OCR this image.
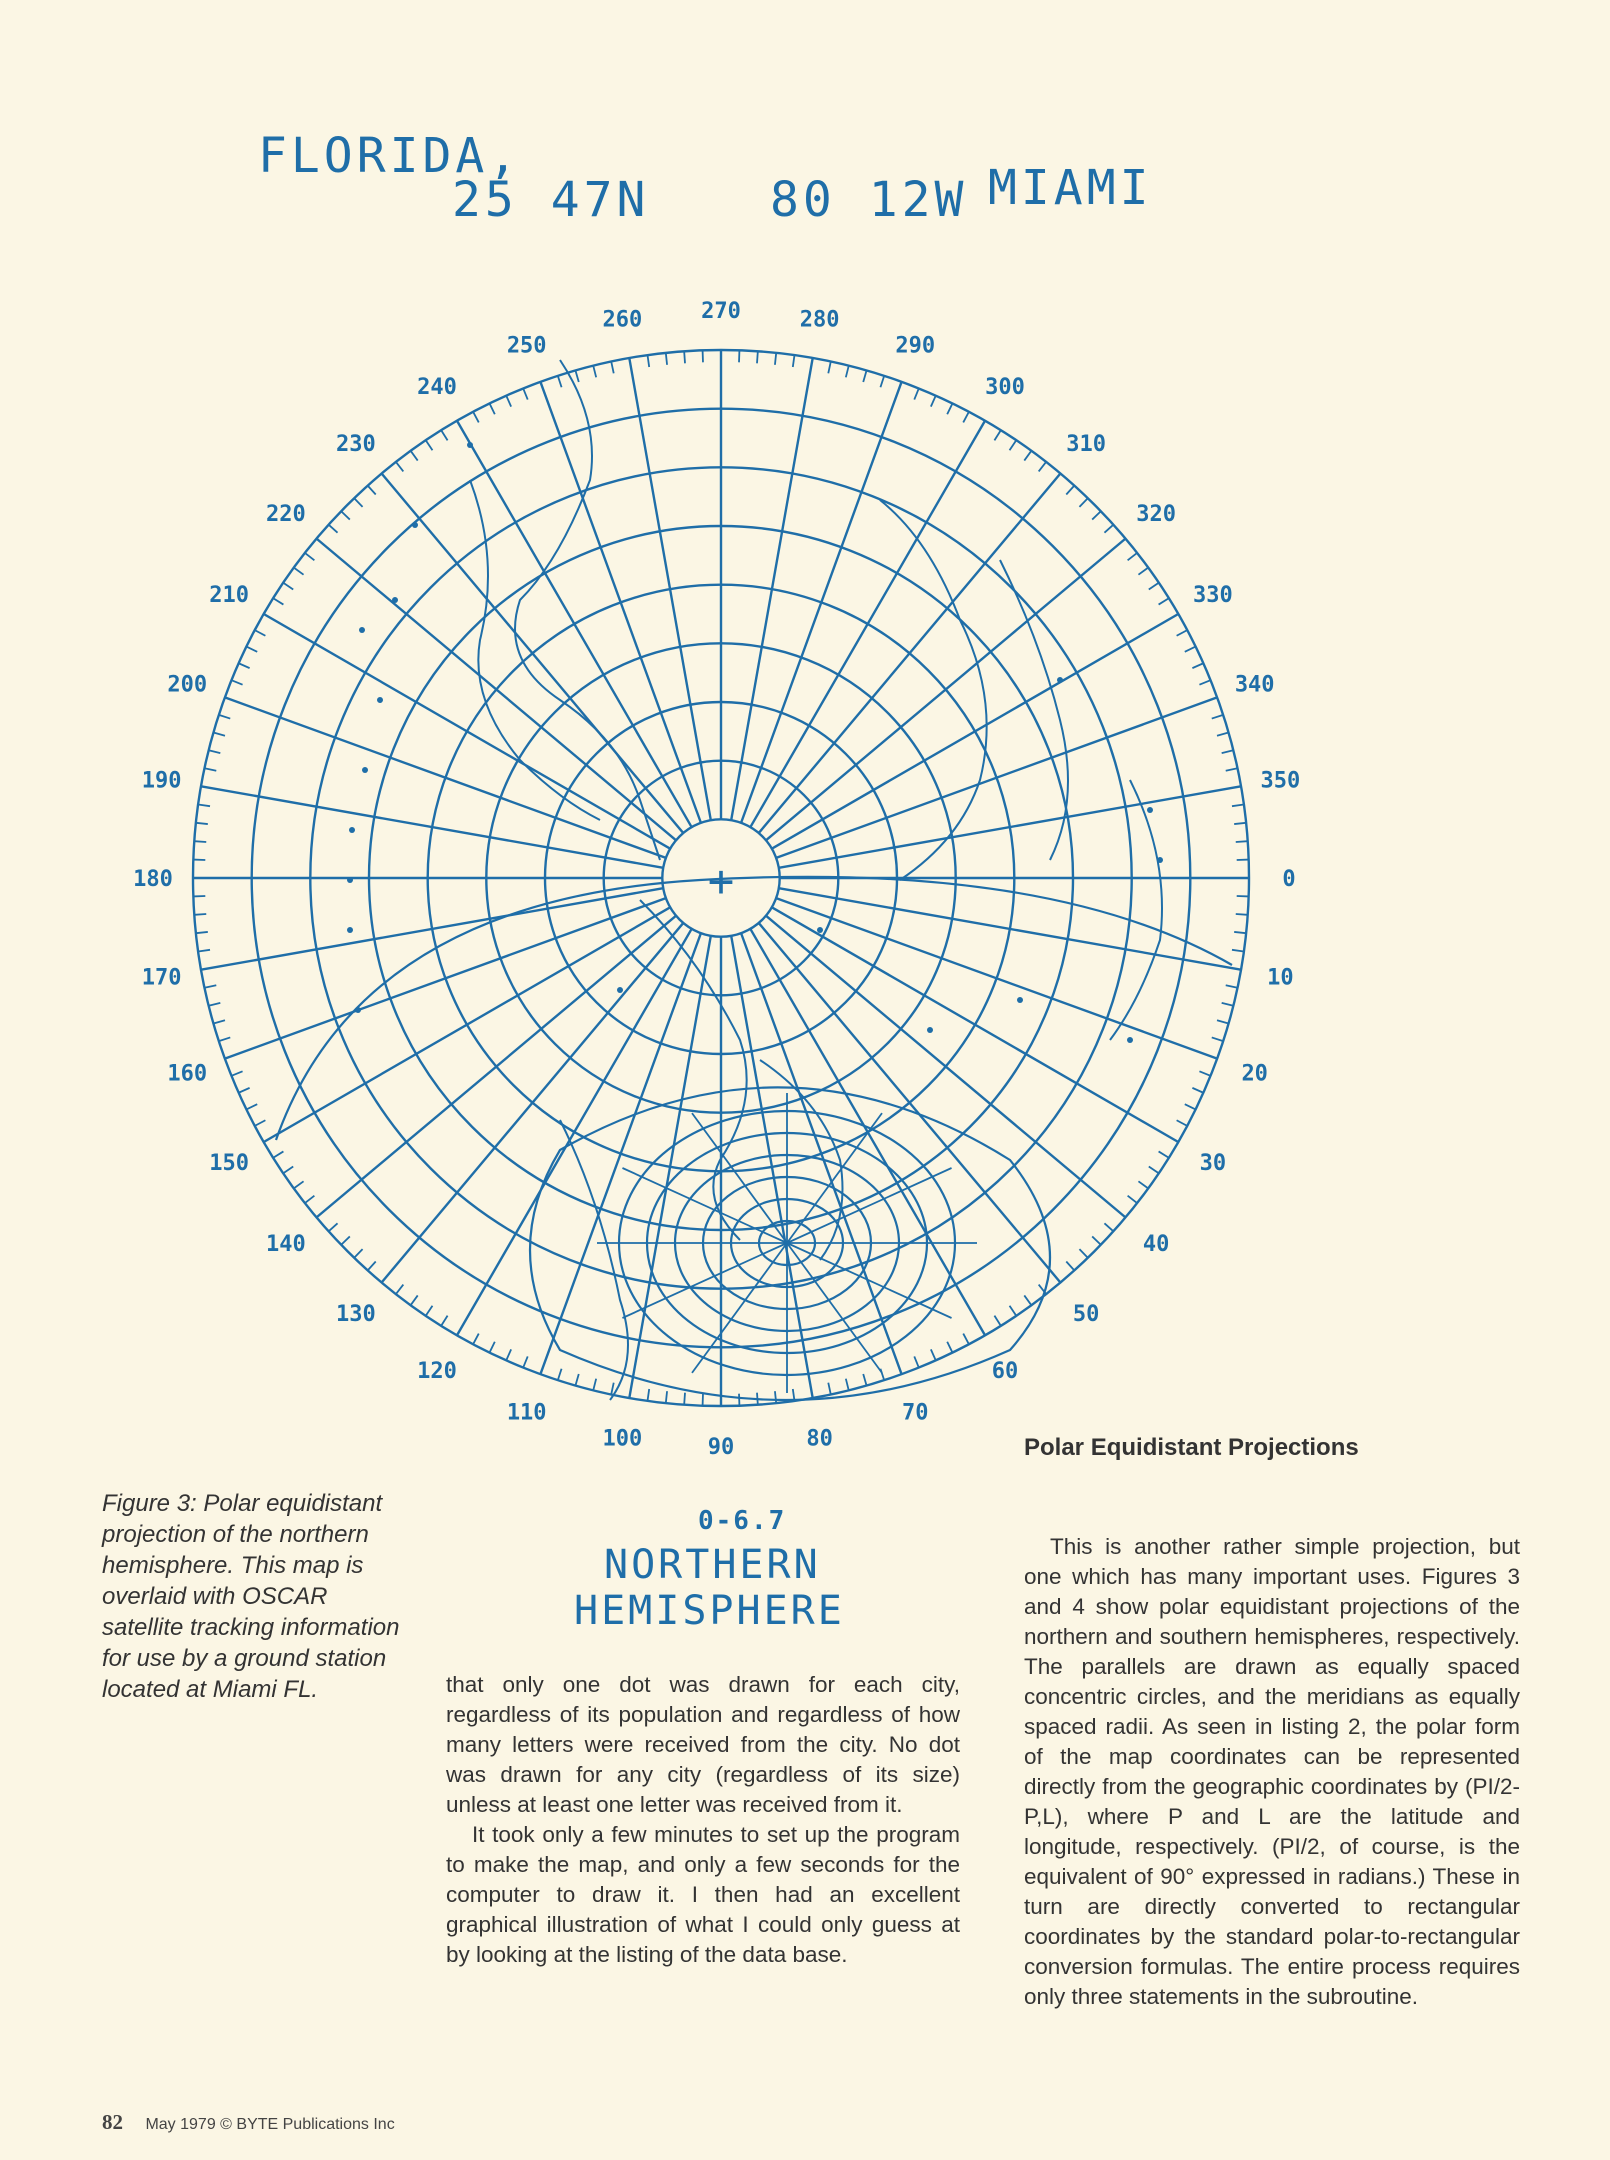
FLORIDA,
MIAMI
25 47N	80 12W
0
10
20
30
40
50
60
70
80
90
100
110
120
130
140
150
160
170
180
190
200
210
220
230
240
250
260	270	280
290
300
310
320
330
340
350
+
Figure 3: Polar equidistant projection of the northern hemisphere. This map is overlaid with OSCAR satellite tracking information for use by a ground station located at Miami FL.
0-6.7
NORTHERN
HEMISPHERE

that only one dot was drawn for each city, regardless of its population and regardless of how many letters were received from the city. No dot was drawn for any city (regardless of its size) unless at least one letter was received from it.

It took only a few minutes to set up the program to make the map, and only a few seconds for the computer to draw it. I then had an excellent graphical illustration of what I could only guess at by looking at the listing of the data base.

Polar Equidistant Projections

This is another rather simple projection, but one which has many important uses. Figures 3 and 4 show polar equidistant projections of the northern and southern hemispheres, respectively. The parallels are drawn as equally spaced concentric circles, and the meridians as equally spaced radii. As seen in listing 2, the polar form of the map coordinates can be represented directly from the geographic coordinates by (PI/2-P,L), where P and L are the latitude and longitude, respectively. (PI/2, of course, is the equivalent of 90° expressed in radians.) These in turn are directly converted to rectangular coordinates by the standard polar-to-rectangular conversion formulas. The entire process requires only three statements in the subroutine.

82 May 1979 © BYTE Publications Inc
